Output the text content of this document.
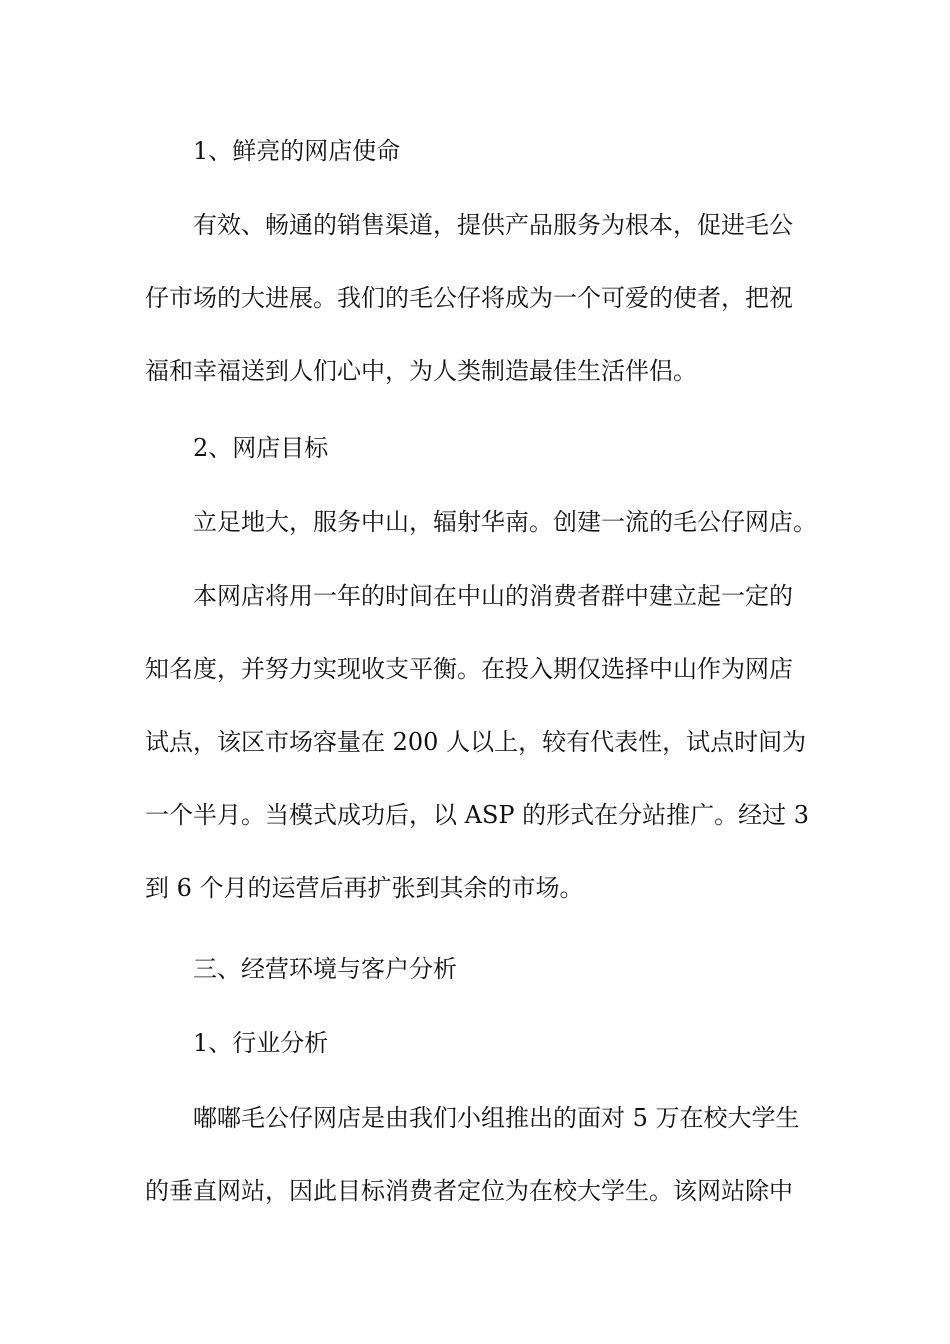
1、鲜亮的网店使命

有效、畅通的销售渠道，提供产品服务为根本，促进毛公
仔市场的大进展。我们的毛公仔将成为一个可爱的使者，把祝
福和幸福送到人们心中，为人类制造最佳生活伴侣。

2、网店目标

立足地大，服务中山，辐射华南。创建一流的毛公仔网店。

本网店将用一年的时间在中山的消费者群中建立起一定的
知名度，并努力实现收支平衡。在投入期仅选择中山作为网店
试点，该区市场容量在 200 人以上，较有代表性，试点时间为
一个半月。当模式成功后，以 ASP 的形式在分站推广。经过 3
到 6 个月的运营后再扩张到其余的市场。

三、经营环境与客户分析

1、行业分析

嘟嘟毛公仔网店是由我们小组推出的面对 5 万在校大学生
的垂直网站，因此目标消费者定位为在校大学生。该网站除中
